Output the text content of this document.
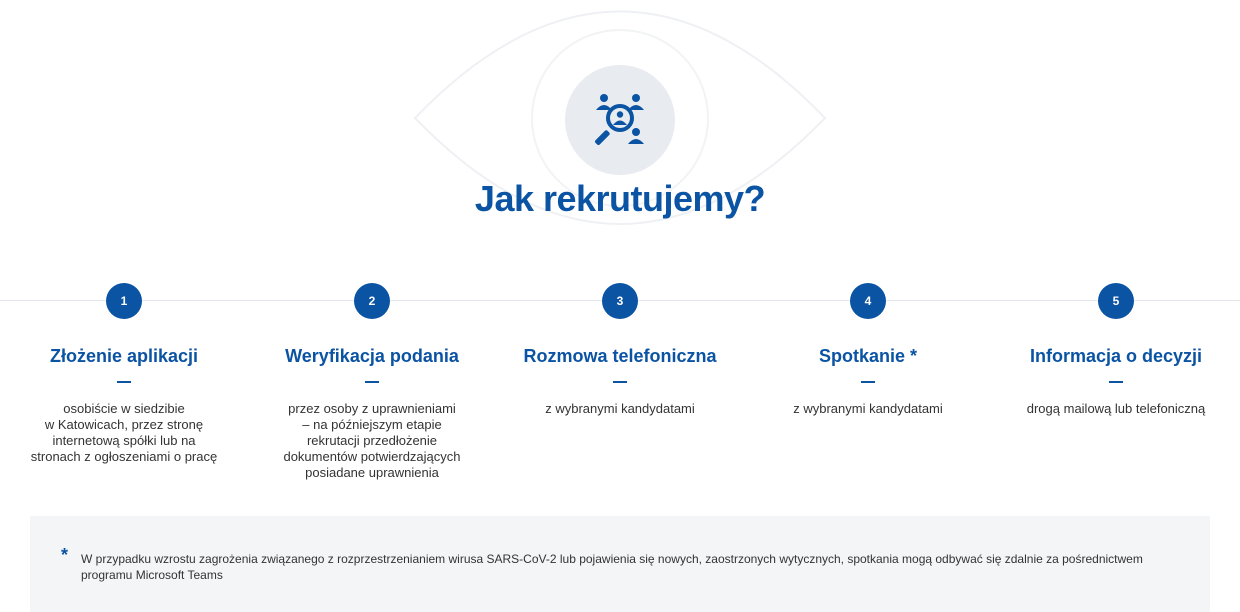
Jak rekrutujemy?
1
Złożenie aplikacji
osobiście w siedzibie
w Katowicach, przez stronę
internetową spółki lub na
stronach z ogłoszeniami o pracę
2
Weryfikacja podania
przez osoby z uprawnieniami
– na późniejszym etapie
rekrutacji przedłożenie
dokumentów potwierdzających
posiadane uprawnienia
3
Rozmowa telefoniczna
z wybranymi kandydatami
4
Spotkanie *
z wybranymi kandydatami
5
Informacja o decyzji
drogą mailową lub telefoniczną
* W przypadku wzrostu zagrożenia związanego z rozprzestrzenianiem wirusa SARS-CoV-2 lub pojawienia się nowych, zaostrzonych wytycznych, spotkania mogą odbywać się zdalnie za pośrednictwem programu Microsoft Teams
